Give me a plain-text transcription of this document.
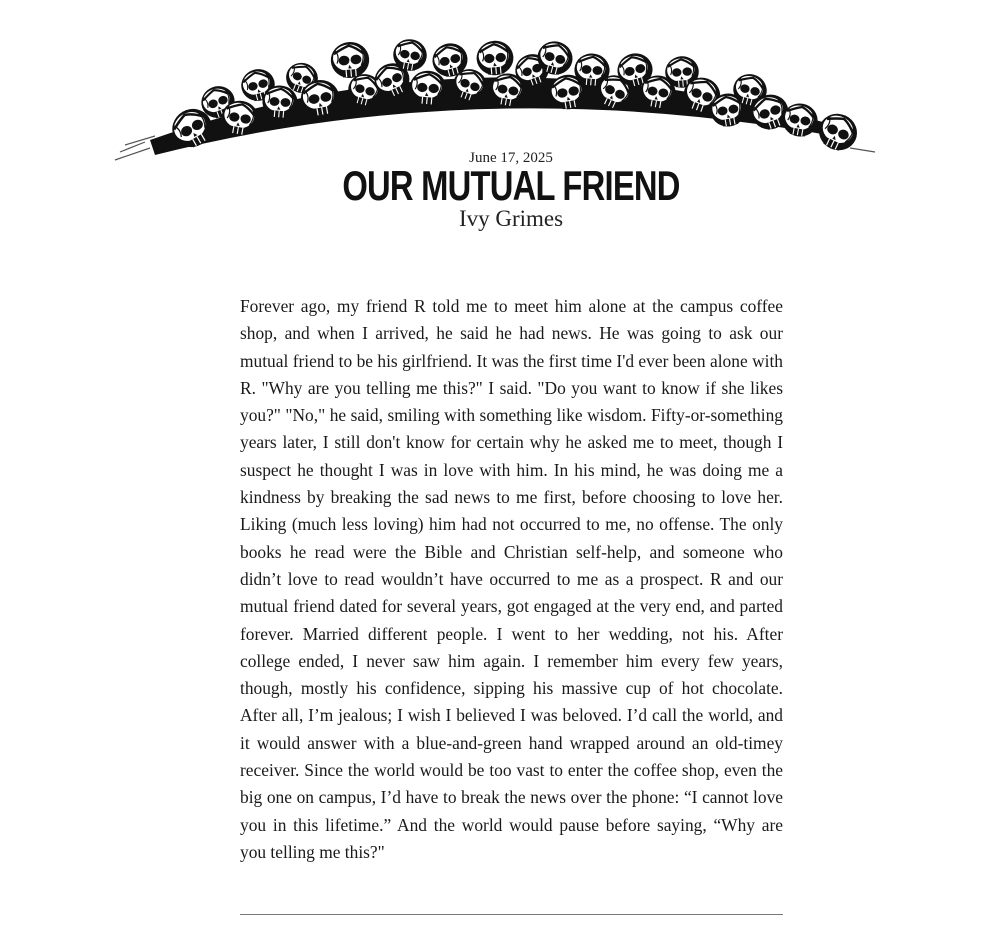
June 17, 2025
OUR MUTUAL FRIEND
Ivy Grimes

Forever ago, my friend R told me to meet him alone at the campus coffee shop, and when I arrived, he said he had news. He was going to ask our mutual friend to be his girlfriend. It was the first time I'd ever been alone with R. "Why are you telling me this?" I said. "Do you want to know if she likes you?" "No," he said, smiling with something like wisdom. Fifty-or-something years later, I still don't know for certain why he asked me to meet, though I suspect he thought I was in love with him. In his mind, he was doing me a kindness by breaking the sad news to me first, before choosing to love her. Liking (much less loving) him had not occurred to me, no offense. The only books he read were the Bible and Christian self-help, and someone who didn’t love to read wouldn’t have occurred to me as a prospect. R and our mutual friend dated for several years, got engaged at the very end, and parted forever. Married different people. I went to her wedding, not his. After college ended, I never saw him again. I remember him every few years, though, mostly his confidence, sipping his massive cup of hot chocolate. After all, I’m jealous; I wish I believed I was beloved. I’d call the world, and it would answer with a blue-and-green hand wrapped around an old-timey receiver. Since the world would be too vast to enter the coffee shop, even the big one on campus, I’d have to break the news over the phone: “I cannot love you in this lifetime.” And the world would pause before saying, “Why are you telling me this?"
